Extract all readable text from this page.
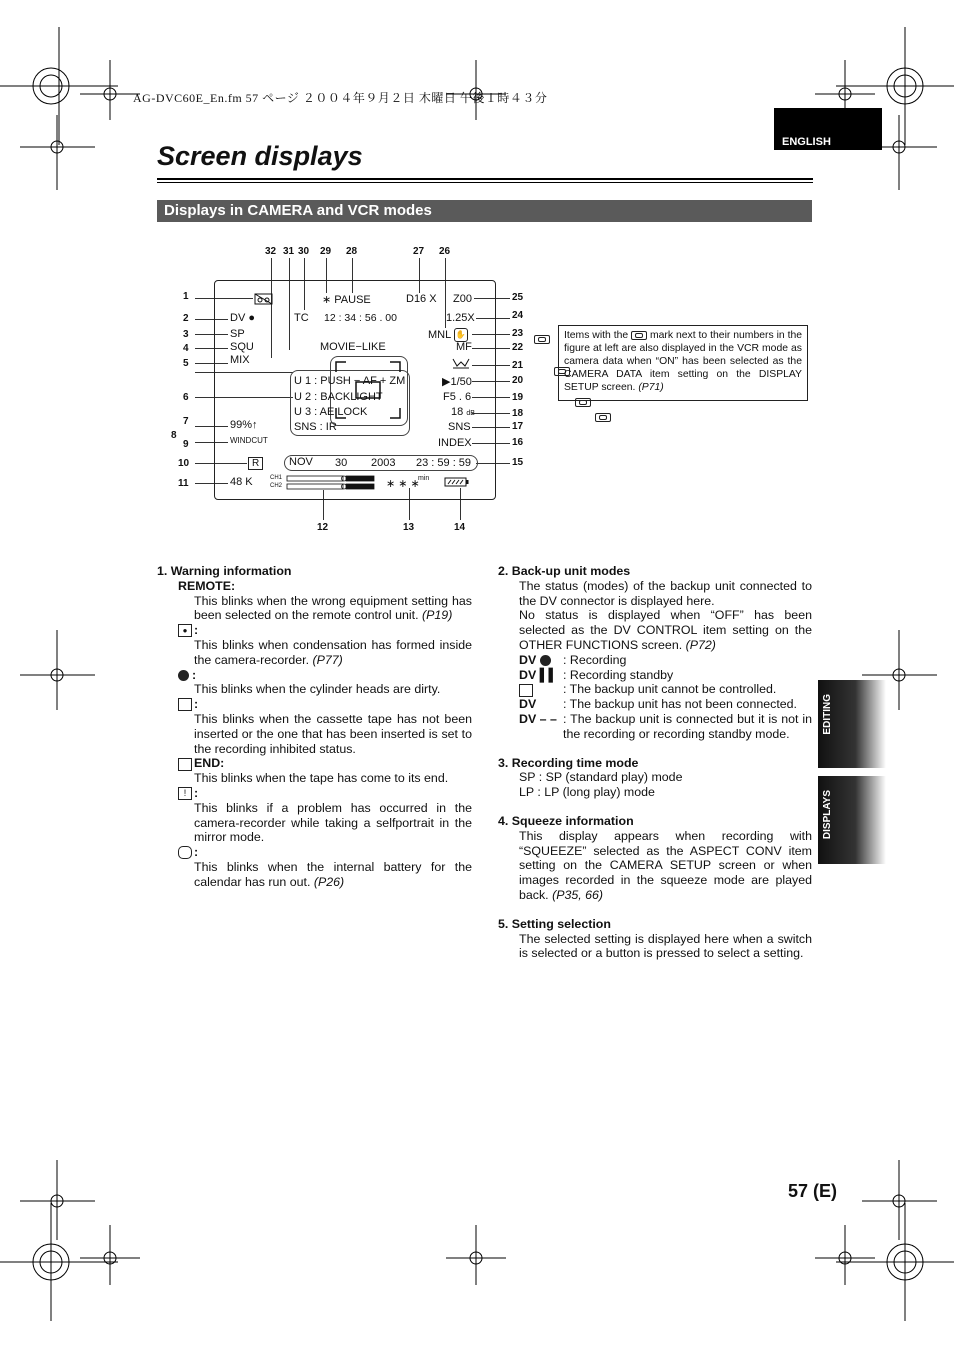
AG-DVC60E_En.fm 57 ページ ２００４年９月２日 木曜日 午後１時４３分
ENGLISH
Screen displays
Displays in CAMERA and VCR modes
32 31 30 29 28	27 26
1
2
3
4
5
6
7
8
9
10
11
25
24
23
22
21
20
19
18
17
16
15
12	13	14

DV ●
SP
SQU
MIX
99%↑
WINDCUT
R
48 K	CH1
CH2
TC
∗ PAUSE
12 : 34 : 56 . 00
D16 X Z00
1.25X
MNL ✋
MF
▶1/50
F5 . 6
18 dB
SNS
INDEX
MOVIE−LIKE
U 1 : PUSH − AF + ZM
U 2 : BACKLIGHT
U 3 : AE LOCK
SNS : IR
NOV 30 2003 23 : 59 : 59
∗ ∗ ∗
min
Items with the mark next to their numbers in the figure at left are also displayed in the VCR mode as camera data when “ON” has been selected as the CAMERA DATA item setting on the DISPLAY SETUP screen. (P71)

1. Warning information

REMOTE:

This blinks when the wrong equipment setting has been selected on the remote control unit. (P19)

● :

This blinks when condensation has formed inside the camera-recorder. (P77)

:

This blinks when the cylinder heads are dirty.

:

This blinks when the cassette tape has not been inserted or the one that has been inserted is set to the recording inhibited status.

END:

This blinks when the tape has come to its end.

! :

This blinks if a problem has occurred in the camera-recorder while taking a selfportrait in the mirror mode.

:

This blinks when the internal battery for the calendar has run out. (P26)

2. Back-up unit modes

The status (modes) of the backup unit connected to the DV connector is displayed here.

No status is displayed when “OFF” has been selected as the DV CONTROL item setting on the OTHER FUNCTIONS screen. (P72)

DV	: Recording
DV ▌▌ : Recording standby
: The backup unit cannot be controlled.
DV	: The backup unit has not been connected.
DV – – : The backup unit is connected but it is not in the recording or recording standby mode.

3. Recording time mode

SP : SP (standard play) mode

LP : LP (long play) mode

4. Squeeze information

This display appears when recording with “SQUEEZE” selected as the ASPECT CONV item setting on the CAMERA SETUP screen or when images recorded in the squeeze mode are played back. (P35, 66)

5. Setting selection

The selected setting is displayed here when a switch is selected or a button is pressed to select a setting.

EDITING
DISPLAYS
57 (E)
